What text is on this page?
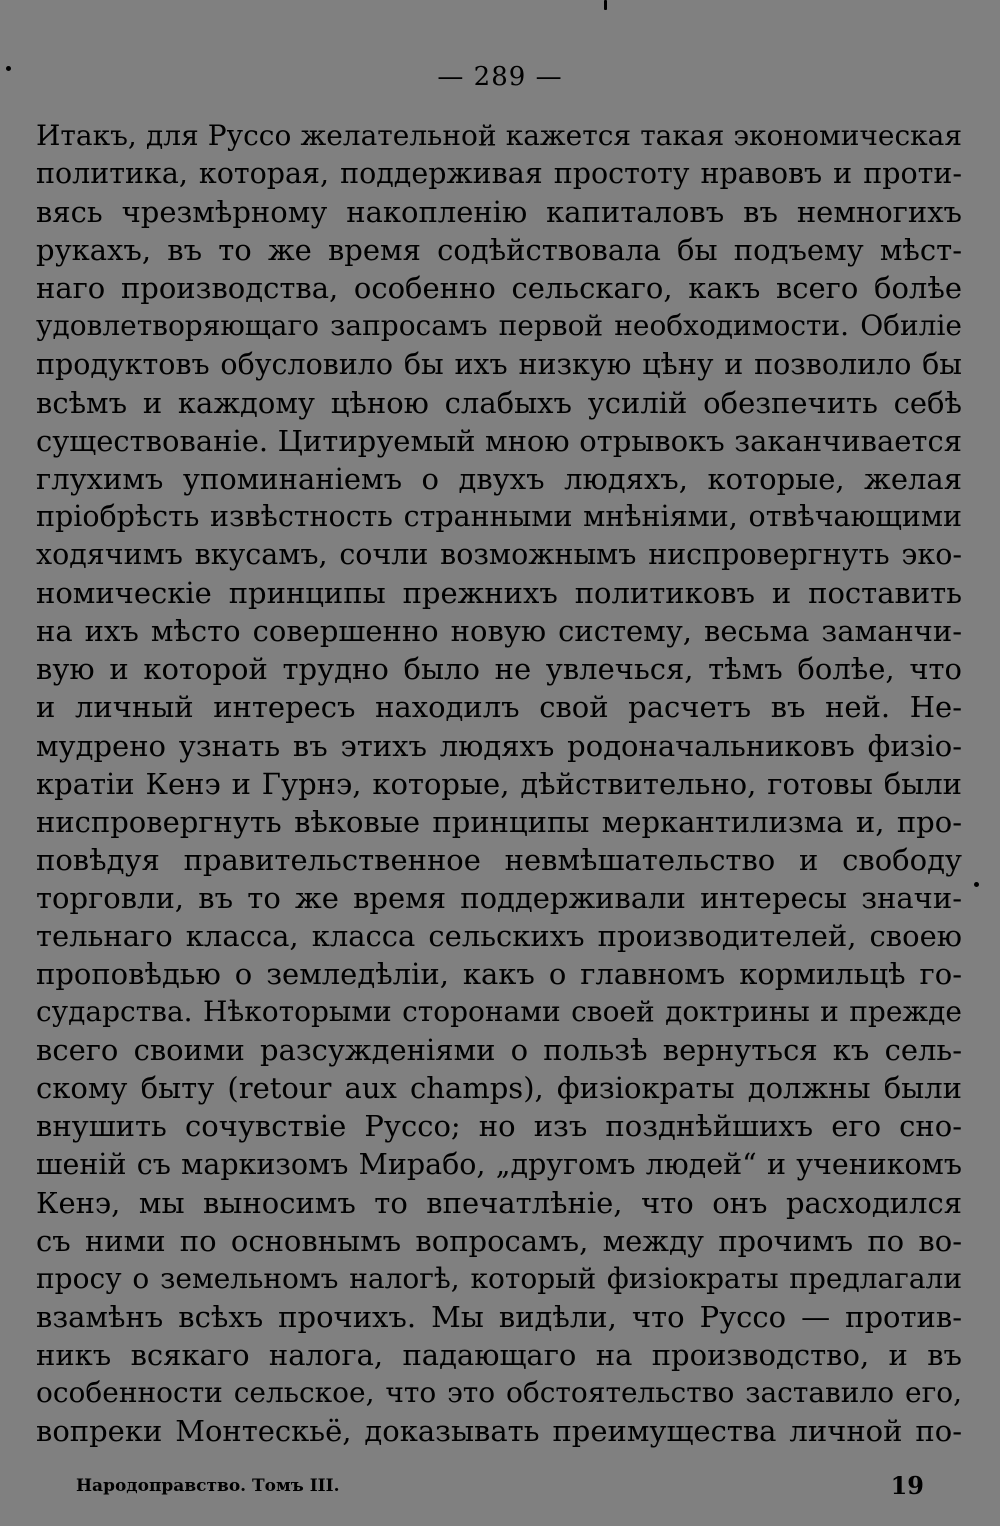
— 289 —
Итакъ, для Руссо желательной кажется такая экономическая
политика, которая, поддерживая простоту нравовъ и проти-
вясь чрезмѣрному накопленію капиталовъ въ немногихъ
рукахъ, въ то же время содѣйствовала бы подъему мѣст-
наго производства, особенно сельскаго, какъ всего болѣе
удовлетворяющаго запросамъ первой необходимости. Обиліе
продуктовъ обусловило бы ихъ низкую цѣну и позволило бы
всѣмъ и каждому цѣною слабыхъ усилій обезпечить себѣ
существованіе. Цитируемый мною отрывокъ заканчивается
глухимъ упоминаніемъ о двухъ людяхъ, которые, желая
пріобрѣсть извѣстность странными мнѣніями, отвѣчающими
ходячимъ вкусамъ, сочли возможнымъ ниспровергнуть эко-
номическіе принципы прежнихъ политиковъ и поставить
на ихъ мѣсто совершенно новую систему, весьма заманчи-
вую и которой трудно было не увлечься, тѣмъ болѣе, что
и личный интересъ находилъ свой расчетъ въ ней. Не-
мудрено узнать въ этихъ людяхъ родоначальниковъ физіо-
кратіи Кенэ и Гурнэ, которые, дѣйствительно, готовы были
ниспровергнуть вѣковые принципы меркантилизма и, про-
повѣдуя правительственное невмѣшательство и свободу
торговли, въ то же время поддерживали интересы значи-
тельнаго класса, класса сельскихъ производителей, своею
проповѣдью о земледѣліи, какъ о главномъ кормильцѣ го-
сударства. Нѣкоторыми сторонами своей доктрины и прежде
всего своими разсужденіями о пользѣ вернуться къ сель-
скому быту (retour aux champs), физіократы должны были
внушить сочувствіе Руссо; но изъ позднѣйшихъ его сно-
шеній съ маркизомъ Мирабо, „другомъ людей“ и ученикомъ
Кенэ, мы выносимъ то впечатлѣніе, что онъ расходился
съ ними по основнымъ вопросамъ, между прочимъ по во-
просу о земельномъ налогѣ, который физіократы предлагали
взамѣнъ всѣхъ прочихъ. Мы видѣли, что Руссо — против-
никъ всякаго налога, падающаго на производство, и въ
особенности сельское, что это обстоятельство заставило его,
вопреки Монтескьё, доказывать преимущества личной по-
Народоправство. Томъ III.	19
